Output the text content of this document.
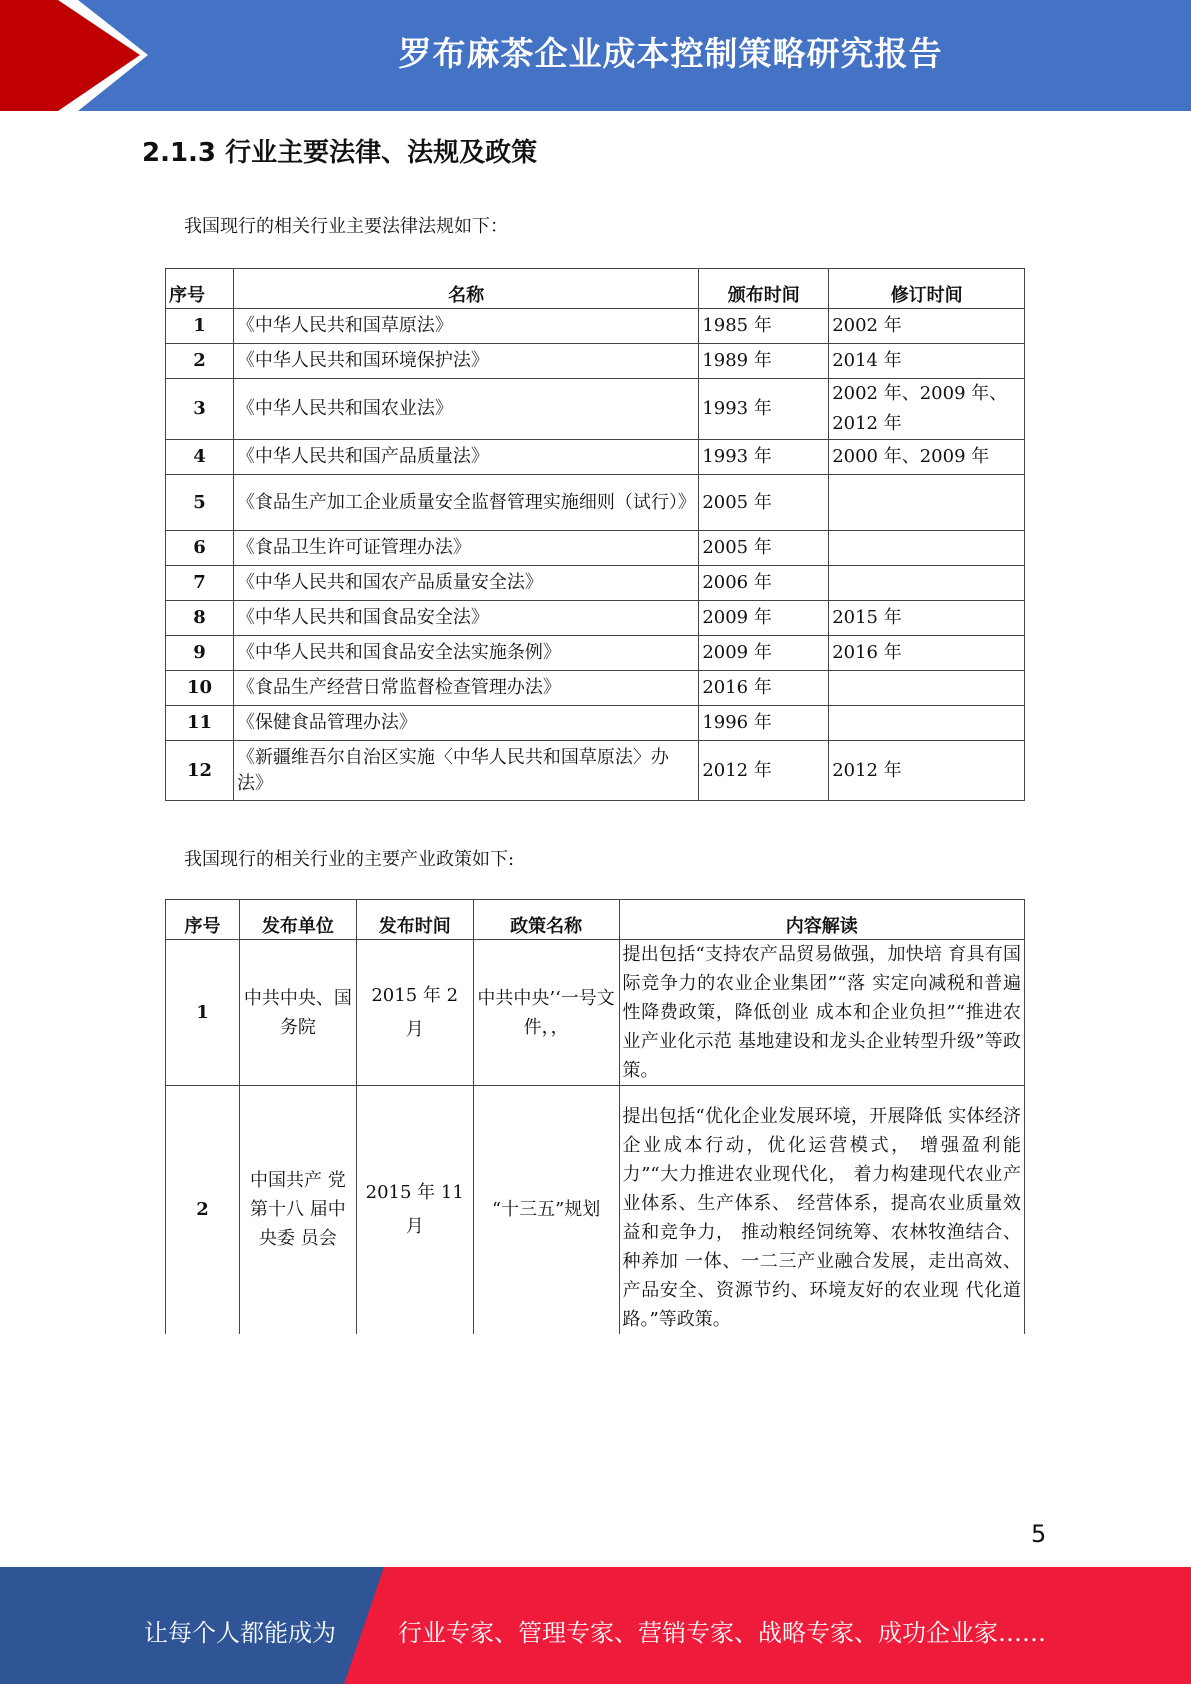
罗布麻茶企业成本控制策略研究报告
2.1.3 行业主要法律、法规及政策
我国现行的相关行业主要法律法规如下：
序号	名称	颁布时间	修订时间
1	《中华人民共和国草原法》	1985 年	2002 年
2	《中华人民共和国环境保护法》	1989 年	2014 年
3	《中华人民共和国农业法》	1993 年	2002 年、2009 年、2012 年
4	《中华人民共和国产品质量法》	1993 年	2000 年、2009 年
5	《食品生产加工企业质量安全监督管理实施细则（试行）》	2005 年	
6	《食品卫生许可证管理办法》	2005 年	
7	《中华人民共和国农产品质量安全法》	2006 年	
8	《中华人民共和国食品安全法》	2009 年	2015 年
9	《中华人民共和国食品安全法实施条例》	2009 年	2016 年
10	《食品生产经营日常监督检查管理办法》	2016 年	
11	《保健食品管理办法》	1996 年	
12	《新疆维吾尔自治区实施〈中华人民共和国草原法〉办法》	2012 年	2012 年
我国现行的相关行业的主要产业政策如下:
序号	发布单位	发布时间	政策名称	内容解读
1	中共中央、国务院	2015 年 2 月	中共中央’‘一号文件，，	提出包括“支持农产品贸易做强，加快培 育具有国际竞争力的农业企业集团”“落 实定向减税和普遍性降费政策，降低创业 成本和企业负担”“推进农业产业化示范 基地建设和龙头企业转型升级”等政策。
2	中国共产 党第十八 届中央委 员会	2015 年 11 月	“十三五”规划	提出包括“优化企业发展环境，开展降低 实体经济企业成本行动，优化运营模式， 增强盈利能力”“大力推进农业现代化， 着力构建现代农业产业体系、生产体系、 经营体系，提高农业质量效益和竞争力， 推动粮经饲统筹、农林牧渔结合、种养加 一体、一二三产业融合发展，走出高效、 产品安全、资源节约、环境友好的农业现 代化道路。”等政策。
5
让每个人都能成为	行业专家、管理专家、营销专家、战略专家、成功企业家……
